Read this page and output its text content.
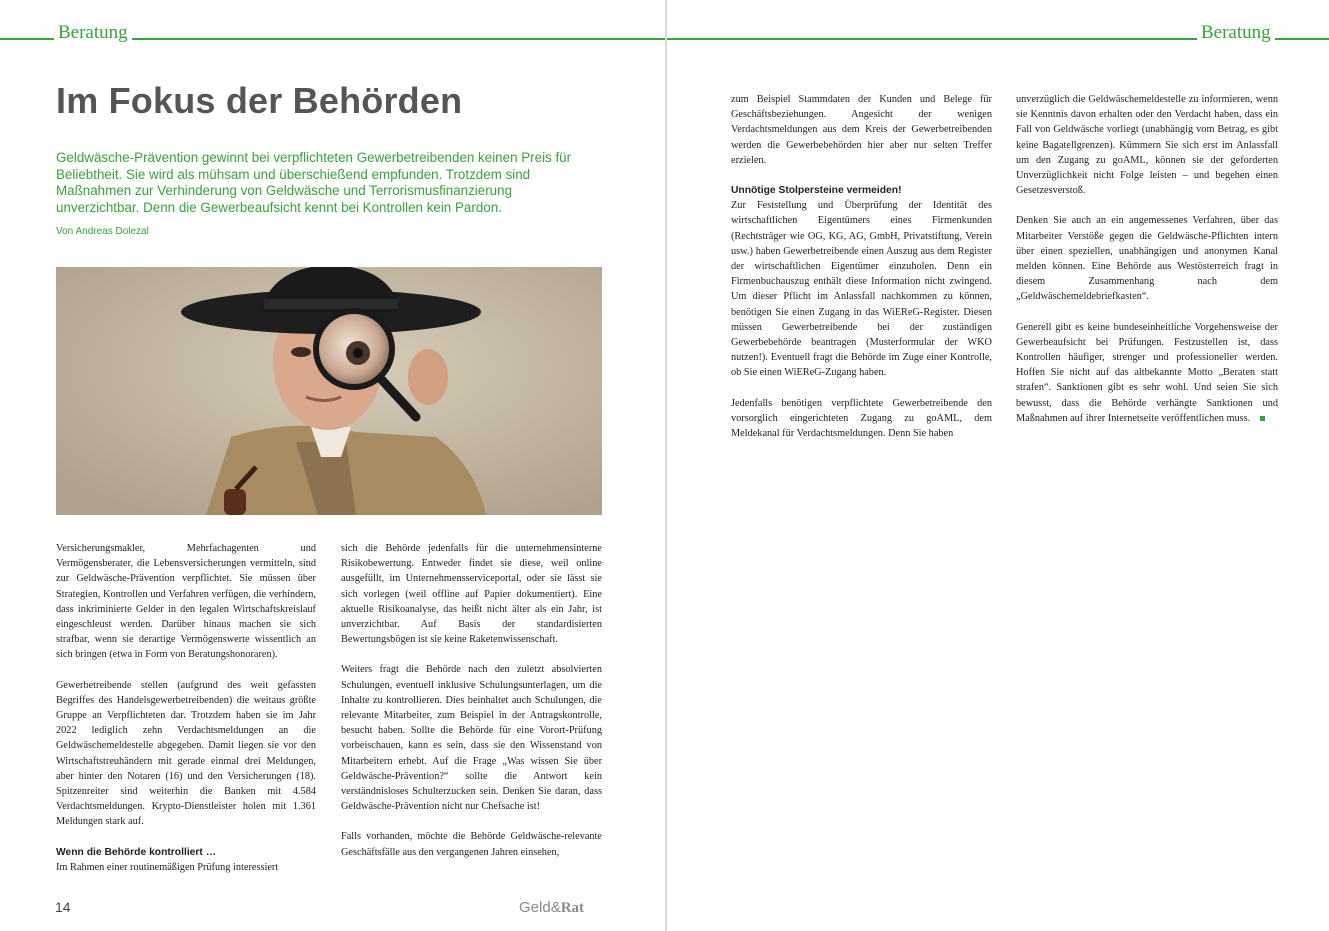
Beratung
Im Fokus der Behörden

Geldwäsche-Prävention gewinnt bei verpflichteten Gewerbetreibenden keinen Preis für Beliebtheit. Sie wird als mühsam und überschießend empfunden. Trotzdem sind Maßnahmen zur Verhinderung von Geldwäsche und Terrorismusfinanzierung unverzichtbar. Denn die Gewerbeaufsicht kennt bei Kontrollen kein Pardon.

Von Andreas Dolezal

Versicherungsmakler, Mehrfachagenten und Vermögensberater, die Lebensversicherungen vermitteln, sind zur Geldwäsche-Prävention verpflichtet. Sie müssen über Strategien, Kontrollen und Verfahren verfügen, die verhindern, dass inkriminierte Gelder in den legalen Wirtschaftskreislauf eingeschleust werden. Darüber hinaus machen sie sich strafbar, wenn sie derartige Vermögenswerte wissentlich an sich bringen (etwa in Form von Beratungshonoraren).

Gewerbetreibende stellen (aufgrund des weit gefassten Begriffes des Handelsgewerbetreibenden) die weitaus größte Gruppe an Verpflichteten dar. Trotzdem haben sie im Jahr 2022 lediglich zehn Verdachtsmeldungen an die Geldwäschemeldestelle abgegeben. Damit liegen sie vor den Wirtschaftstreuhändern mit gerade einmal drei Meldungen, aber hinter den Notaren (16) und den Versicherungen (18). Spitzenreiter sind weiterhin die Banken mit 4.584 Verdachtsmeldungen. Krypto-Dienstleister holen mit 1.361 Meldungen stark auf.

Wenn die Behörde kontrolliert …

Im Rahmen einer routinemäßigen Prüfung interessiert

sich die Behörde jedenfalls für die unternehmensinterne Risikobewertung. Entweder findet sie diese, weil online ausgefüllt, im Unternehmensserviceportal, oder sie lässt sie sich vorlegen (weil offline auf Papier dokumentiert). Eine aktuelle Risikoanalyse, das heißt nicht älter als ein Jahr, ist unverzichtbar. Auf Basis der standardisierten Bewertungsbögen ist sie keine Raketenwissenschaft.

Weiters fragt die Behörde nach den zuletzt absolvierten Schulungen, eventuell inklusive Schulungsunterlagen, um die Inhalte zu kontrollieren. Dies beinhaltet auch Schulungen, die relevante Mitarbeiter, zum Beispiel in der Antragskontrolle, besucht haben. Sollte die Behörde für eine Vorort-Prüfung vorbeischauen, kann es sein, dass sie den Wissenstand von Mitarbeitern erhebt. Auf die Frage „Was wissen Sie über Geldwäsche-Prävention?“ sollte die Antwort kein verständnisloses Schulterzucken sein. Denken Sie daran, dass Geldwäsche-Prävention nicht nur Chefsache ist!

Falls vorhanden, möchte die Behörde Geldwäsche-relevante Geschäftsfälle aus den vergangenen Jahren einsehen,

14	Geld&Rat
Beratung

zum Beispiel Stammdaten der Kunden und Belege für Geschäftsbeziehungen. Angesicht der wenigen Verdachtsmeldungen aus dem Kreis der Gewerbetreibenden werden die Gewerbebehörden hier aber nur selten Treffer erzielen.

Unnötige Stolpersteine vermeiden!

Zur Feststellung und Überprüfung der Identität des wirtschaftlichen Eigentümers eines Firmenkunden (Rechtsträger wie OG, KG, AG, GmbH, Privatstiftung, Verein usw.) haben Gewerbetreibende einen Auszug aus dem Register der wirtschaftlichen Eigentümer einzuholen. Denn ein Firmenbuchauszug enthält diese Information nicht zwingend. Um dieser Pflicht im Anlassfall nachkommen zu können, benötigen Sie einen Zugang in das WiEReG-Register. Diesen müssen Gewerbetreibende bei der zuständigen Gewerbebehörde beantragen (Musterformular der WKO nutzen!). Eventuell fragt die Behörde im Zuge einer Kontrolle, ob Sie einen WiEReG-Zugang haben.

Jedenfalls benötigen verpflichtete Gewerbetreibende den vorsorglich eingerichteten Zugang zu goAML, dem Meldekanal für Verdachtsmeldungen. Denn Sie haben

unverzüglich die Geldwäschemeldestelle zu informieren, wenn sie Kenntnis davon erhalten oder den Verdacht haben, dass ein Fall von Geldwäsche vorliegt (unabhängig vom Betrag, es gibt keine Bagatellgrenzen). Kümmern Sie sich erst im Anlassfall um den Zugang zu goAML, können sie der geforderten Unverzüglichkeit nicht Folge leisten – und begehen einen Gesetzesverstoß.

Denken Sie auch an ein angemessenes Verfahren, über das Mitarbeiter Verstöße gegen die Geldwäsche-Pflichten intern über einen speziellen, unabhängigen und anonymen Kanal melden können. Eine Behörde aus Westösterreich fragt in diesem Zusammenhang nach dem „Geldwäschemeldebriefkasten“.

Generell gibt es keine bundeseinheitliche Vorgehensweise der Gewerbeaufsicht bei Prüfungen. Festzustellen ist, dass Kontrollen häufiger, strenger und professioneller werden. Hoffen Sie nicht auf das altbekannte Motto „Beraten statt strafen“. Sanktionen gibt es sehr wohl. Und seien Sie sich bewusst, dass die Behörde verhängte Sanktionen und Maßnahmen auf ihrer Internetseite veröffentlichen muss.
